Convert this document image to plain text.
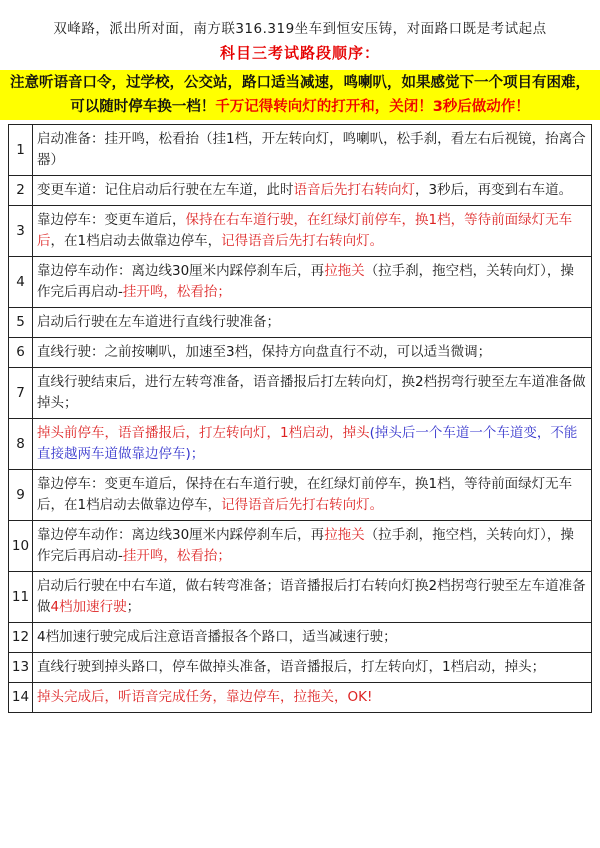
双峰路，派出所对面，南方联316.319坐车到恒安压铸，对面路口既是考试起点
科目三考试路段顺序：
注意听语音口令，过学校，公交站，路口适当减速，鸣喇叭，如果感觉下一个项目有困难，可以随时停车换一档！千万记得转向灯的打开和，关闭！3秒后做动作！
1	启动准备：挂开鸣，松看抬（挂1档，开左转向灯，鸣喇叭，松手刹，看左右后视镜，抬离合器）
2	变更车道：记住启动后行驶在左车道，此时语音后先打右转向灯，3秒后，再变到右车道。
3	靠边停车：变更车道后，保持在右车道行驶，在红绿灯前停车，换1档，等待前面绿灯无车后，在1档启动去做靠边停车，记得语音后先打右转向灯。
4	靠边停车动作：离边线30厘米内踩停刹车后，再拉拖关（拉手刹，拖空档，关转向灯），操作完后再启动-挂开鸣，松看抬；
5	启动后行驶在左车道进行直线行驶准备；
6	直线行驶：之前按喇叭，加速至3档，保持方向盘直行不动，可以适当微调；
7	直线行驶结束后，进行左转弯准备，语音播报后打左转向灯，换2档拐弯行驶至左车道准备做掉头；
8	掉头前停车，语音播报后，打左转向灯，1档启动，掉头(掉头后一个车道一个车道变，不能直接越两车道做靠边停车)；
9	靠边停车：变更车道后，保持在右车道行驶，在红绿灯前停车，换1档，等待前面绿灯无车后，在1档启动去做靠边停车，记得语音后先打右转向灯。
10	靠边停车动作：离边线30厘米内踩停刹车后，再拉拖关（拉手刹，拖空档，关转向灯），操作完后再启动-挂开鸣，松看抬；
11	启动后行驶在中右车道，做右转弯准备；语音播报后打右转向灯换2档拐弯行驶至左车道准备做4档加速行驶；
12	4档加速行驶完成后注意语音播报各个路口，适当减速行驶；
13	直线行驶到掉头路口，停车做掉头准备，语音播报后，打左转向灯，1档启动，掉头；
14	掉头完成后，听语音完成任务，靠边停车，拉拖关，OK!
